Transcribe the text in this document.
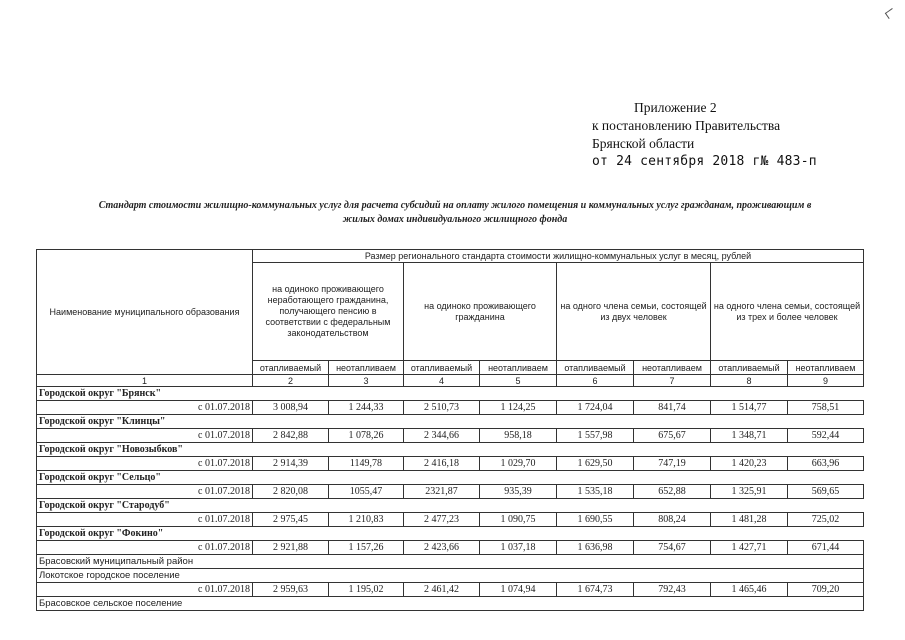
Приложение 2
к постановлению Правительства
Брянской области
от 24 сентября 2018 г№ 483-п
Стандарт стоимости жилищно-коммунальных услуг для расчета субсидий на оплату жилого помещения и коммунальных услуг гражданам, проживающим в
жилых домах индивидуального жилищного фонда
Наименование муниципального образования	Размер регионального стандарта стоимости жилищно-коммунальных услуг в месяц, рублей							
	на одиноко проживающего неработающего гражданина, получающего пенсию в соответствии с федеральным законодательством		на одиноко проживающего гражданина		на одного члена семьи, состоящей из двух человек		на одного члена семьи, состоящей из трех и более человек	
	отапливаемый	неотапливаем	отапливаемый	неотапливаем	отапливаемый	неотапливаем	отапливаемый	неотапливаем
1	2	3	4	5	6	7	8	9
Городской округ "Брянск"								
с 01.07.2018	3 008,94	1 244,33	2 510,73	1 124,25	1 724,04	841,74	1 514,77	758,51
Городской округ "Клинцы"								
с 01.07.2018	2 842,88	1 078,26	2 344,66	958,18	1 557,98	675,67	1 348,71	592,44
Городской округ "Новозыбков"								
с 01.07.2018	2 914,39	1149,78	2 416,18	1 029,70	1 629,50	747,19	1 420,23	663,96
Городской округ "Сельцо"								
с 01.07.2018	2 820,08	1055,47	2321,87	935,39	1 535,18	652,88	1 325,91	569,65
Городской округ "Стародуб"								
с 01.07.2018	2 975,45	1 210,83	2 477,23	1 090,75	1 690,55	808,24	1 481,28	725,02
Городской округ "Фокино"								
с 01.07.2018	2 921,88	1 157,26	2 423,66	1 037,18	1 636,98	754,67	1 427,71	671,44
Брасовский муниципальный район								
Локотское городское поселение								
с 01.07.2018	2 959,63	1 195,02	2 461,42	1 074,94	1 674,73	792,43	1 465,46	709,20
Брасовское сельское поселение								
